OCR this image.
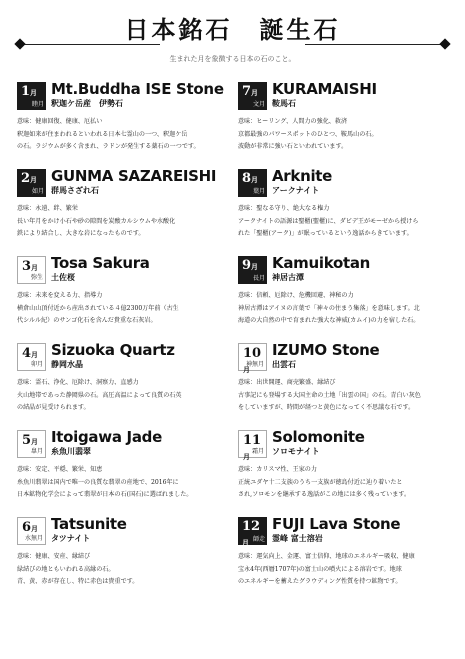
日本銘石　誕生石
生まれた月を象徴する日本の石のこと。
1月
睦月
Mt.Buddha ISE Stone
釈迦ケ岳産　伊勢石
意味：健康回復、健康、厄払い
釈迦如来が住まわれるといわれる日本七霊山の一つ、釈迦ケ岳
の石。ラジウムが多く含まれ、ラドンが発生する薬石の一つです。
2月
如月
GUNMA SAZAREISHI
群馬さざれ石
意味：永遠、絆、繁栄
長い年月をかけ小石や砂の隙間を炭酸カルシウムや水酸化
鉄により結合し、大きな岩になったものです。
3月
弥生
Tosa Sakura
土佐桜
意味：未来を変える力、指導力
横倉山山頂付近から産出されている４億2300万年前（古生
代シルル紀）のサンゴ化石を含んだ貴重な石灰岩。
4月
卯月
Sizuoka Quartz
静岡水晶
意味：霊石、浄化、厄除け、洞察力、直感力
火山地帯であった静岡県の石。高圧高温によって良質の石英
の結晶が見受けられます。
5月
皐月
Itoigawa Jade
糸魚川翡翠
意味：安定、平穏、繁栄、知恵
糸魚川翡翠は国内で唯一の良質な翡翠の産地で、2016年に
日本鉱物化学会によって翡翠が日本の石(国石)に選ばれました。
6月
水無月
Tatsunite
タツナイト
意味：健康、安産、縁結び
緑結びの地ともいわれる高縁の石。
青、黄、赤が存在し、特に赤色は貴重です。
7月
文月
KURAMAISHI
鞍馬石
意味：ヒーリング、人間力の強化、救済
京都最強のパワースポットのひとつ、鞍馬山の石。
波動が非常に強い石といわれています。
8月
葉月
Arknite
アークナイト
意味：聖なる守り、絶大なる権力
アークナイトの語源は聖櫃(聖櫃)に、ダビデ王がモーゼから授けら
れた「聖櫃(アーク)」が眠っているという逸話からきています。
9月
長月
Kamuikotan
神居古潭
意味：信頼、厄除け、危機回避、神秘の力
神居古潭はアイヌの言葉で「神々の住まう集落」を意味します。北
海道の大自然の中で育まれた強大な神威(カムイ)の力を宿した石。
10月
神無月
IZUMO Stone
出雲石
意味：出世開運、商売繁盛、縁結び
古事記にも登場する大国主命の土地「出雲の国」の石。青白い灰色
をしていますが、時間が経つと黄色になってく不思議な石です。
11月
霜月
Solomonite
ソロモナイト
意味：カリスマ性、王家の力
正統ユダヤ十二支族のうち一支族が徳島付近に辿り着いたと
され,ソロモンを継承する逸話がこの地には多く残っています。
12月 師走
FUJI Lava Stone
霊峰 富士溶岩
意味：運気向上、金運、富士信仰、地球のエネルギー吸収、健康
宝永4年(西暦1707年)の富士山の噴火による溶岩です。地球
のエネルギーを蓄えたグラウディング性質を持つ鉱物です。
